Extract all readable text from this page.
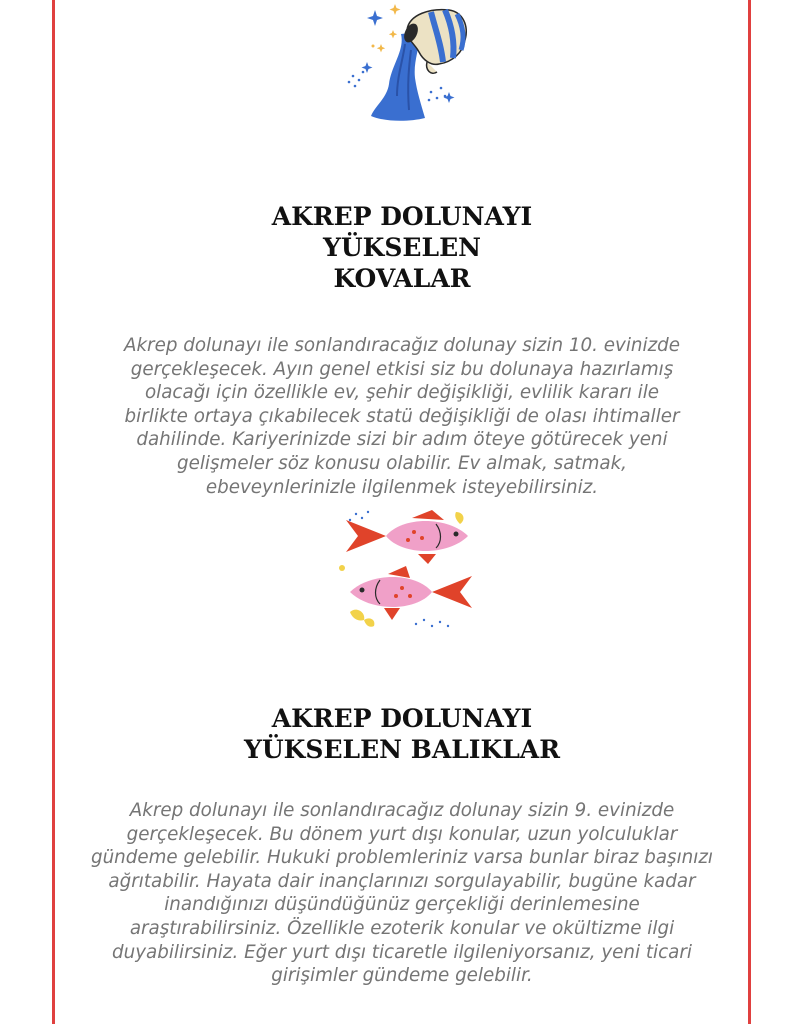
AKREP DOLUNAYI
YÜKSELEN
KOVALAR
Akrep dolunayı ile sonlandıracağız dolunay sizin 10. evinizde
gerçekleşecek. Ayın genel etkisi siz bu dolunaya hazırlamış
olacağı için özellikle ev, şehir değişikliği, evlilik kararı ile
birlikte ortaya çıkabilecek statü değişikliği de olası ihtimaller
dahilinde. Kariyerinizde sizi bir adım öteye götürecek yeni
gelişmeler söz konusu olabilir. Ev almak, satmak,
ebeveynlerinizle ilgilenmek isteyebilirsiniz.
AKREP DOLUNAYI
YÜKSELEN BALIKLAR
Akrep dolunayı ile sonlandıracağız dolunay sizin 9. evinizde
gerçekleşecek. Bu dönem yurt dışı konular, uzun yolculuklar
gündeme gelebilir. Hukuki problemleriniz varsa bunlar biraz başınızı
ağrıtabilir. Hayata dair inançlarınızı sorgulayabilir, bugüne kadar
inandığınızı düşündüğünüz gerçekliği derinlemesine
araştırabilirsiniz. Özellikle ezoterik konular ve okültizme ilgi
duyabilirsiniz. Eğer yurt dışı ticaretle ilgileniyorsanız, yeni ticari
girişimler gündeme gelebilir.
